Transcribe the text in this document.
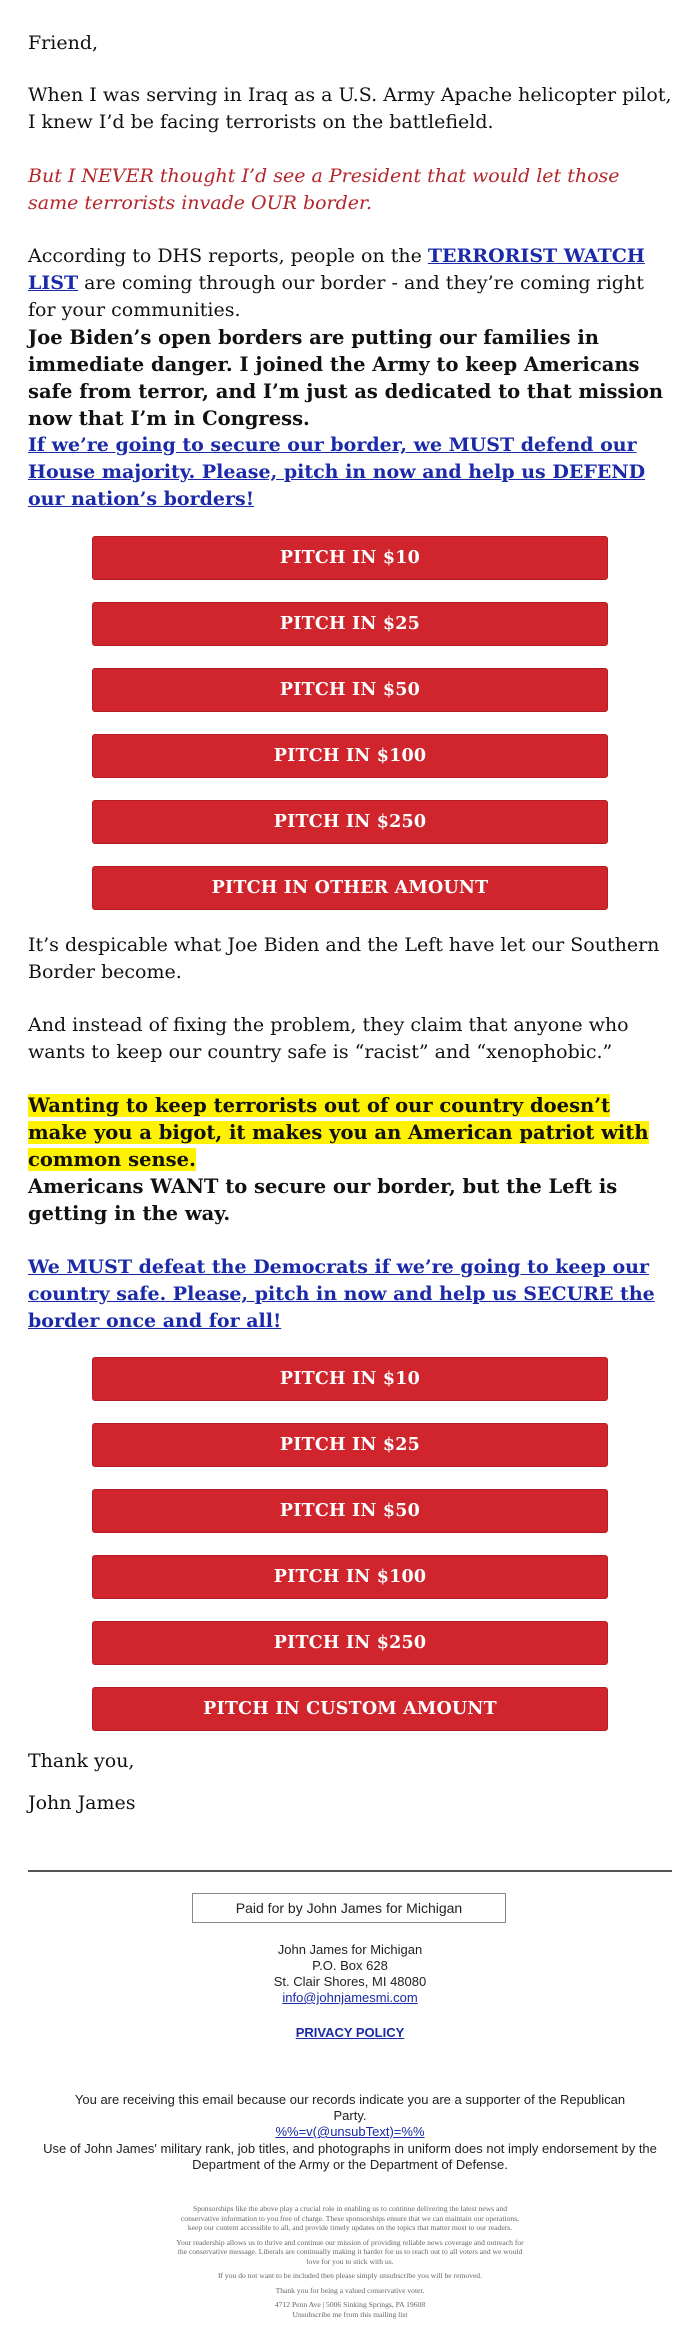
Friend,

When I was serving in Iraq as a U.S. Army Apache helicopter pilot, I knew I’d be facing terrorists on the battlefield.

But I NEVER thought I’d see a President that would let those same terrorists invade OUR border.

According to DHS reports, people on the TERRORIST WATCH LIST are coming through our border - and they’re coming right for your communities.

Joe Biden’s open borders are putting our families in immediate danger. I joined the Army to keep Americans safe from terror, and I’m just as dedicated to that mission now that I’m in Congress.

If we’re going to secure our border, we MUST defend our House majority. Please, pitch in now and help us DEFEND our nation’s borders!

PITCH IN $10
PITCH IN $25
PITCH IN $50
PITCH IN $100
PITCH IN $250
PITCH IN OTHER AMOUNT

It’s despicable what Joe Biden and the Left have let our Southern Border become.

And instead of fixing the problem, they claim that anyone who wants to keep our country safe is “racist” and “xenophobic.”

Wanting to keep terrorists out of our country doesn’t make you a bigot, it makes you an American patriot with common sense.

Americans WANT to secure our border, but the Left is getting in the way.

We MUST defeat the Democrats if we’re going to keep our country safe. Please, pitch in now and help us SECURE the border once and for all!

PITCH IN $10
PITCH IN $25
PITCH IN $50
PITCH IN $100
PITCH IN $250
PITCH IN CUSTOM AMOUNT

Thank you,

John James

Paid for by John James for Michigan
John James for Michigan
P.O. Box 628
St. Clair Shores, MI 48080
info@johnjamesmi.com
PRIVACY POLICY
You are receiving this email because our records indicate you are a supporter of the Republican Party.
%%=v(@unsubText)=%%
Use of John James' military rank, job titles, and photographs in uniform does not imply endorsement by the Department of the Army or the Department of Defense.
Sponsorships like the above play a crucial role in enabling us to continue delivering the latest news and conservative information to you free of charge. These sponsorships ensure that we can maintain our operations, keep our content accessible to all, and provide timely updates on the topics that matter most to our readers.
Your readership allows us to thrive and continue our mission of providing reliable news coverage and outreach for the conservative message. Liberals are continually making it harder for us to reach out to all voters and we would love for you to stick with us.
If you do not want to be included then please simply unsubscribe you will be removed.
Thank you for being a valued conservative voter.
4712 Penn Ave | 5006 Sinking Springs, PA 19608
Unsubscribe me from this mailing list
